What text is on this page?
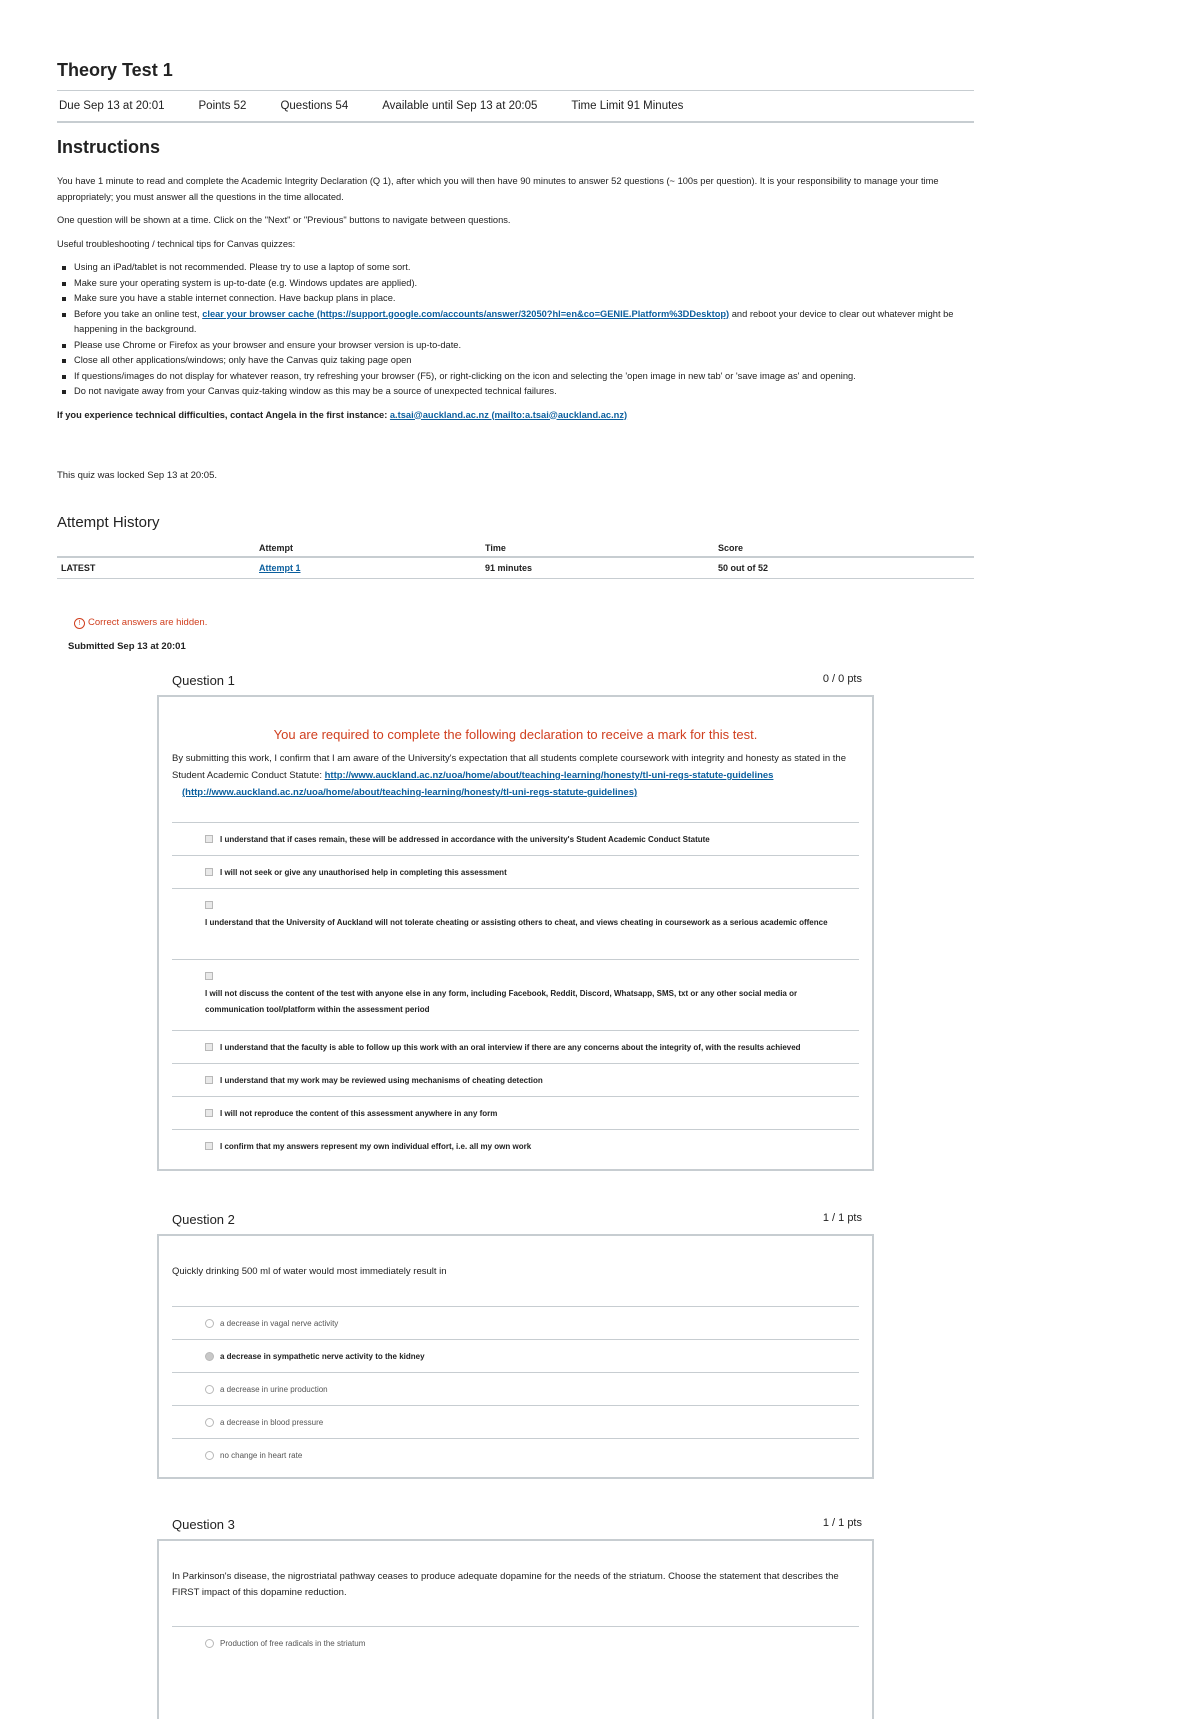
Theory Test 1
Due Sep 13 at 20:01	Points 52	Questions 54	Available until Sep 13 at 20:05	Time Limit 91 Minutes
Instructions

You have 1 minute to read and complete the Academic Integrity Declaration (Q 1), after which you will then have 90 minutes to answer 52 questions (~ 100s per question). It is your responsibility to manage your time appropriately; you must answer all the questions in the time allocated.

One question will be shown at a time. Click on the "Next" or "Previous" buttons to navigate between questions.

Useful troubleshooting / technical tips for Canvas quizzes:

Using an iPad/tablet is not recommended. Please try to use a laptop of some sort.
Make sure your operating system is up-to-date (e.g. Windows updates are applied).
Make sure you have a stable internet connection. Have backup plans in place.
Before you take an online test, clear your browser cache (https://support.google.com/accounts/answer/32050?hl=en&co=GENIE.Platform%3DDesktop) and reboot your device to clear out whatever might be happening in the background.
Please use Chrome or Firefox as your browser and ensure your browser version is up-to-date.
Close all other applications/windows; only have the Canvas quiz taking page open
If questions/images do not display for whatever reason, try refreshing your browser (F5), or right-clicking on the icon and selecting the 'open image in new tab' or 'save image as' and opening.
Do not navigate away from your Canvas quiz-taking window as this may be a source of unexpected technical failures.

If you experience technical difficulties, contact Angela in the first instance: a.tsai@auckland.ac.nz (mailto:a.tsai@auckland.ac.nz)

This quiz was locked Sep 13 at 20:05.
Attempt History
	Attempt	Time	Score
LATEST	Attempt 1	91 minutes	50 out of 52
! Correct answers are hidden.
Submitted Sep 13 at 20:01
Question 1	0 / 0 pts
You are required to complete the following declaration to receive a mark for this test.
By submitting this work, I confirm that I am aware of the University's expectation that all students complete coursework with integrity and honesty as stated in the Student Academic Conduct Statute: http://www.auckland.ac.nz/uoa/home/about/teaching-learning/honesty/tl-uni-regs-statute-guidelines (http://www.auckland.ac.nz/uoa/home/about/teaching-learning/honesty/tl-uni-regs-statute-guidelines)
I understand that if cases remain, these will be addressed in accordance with the university's Student Academic Conduct Statute
I will not seek or give any unauthorised help in completing this assessment
I understand that the University of Auckland will not tolerate cheating or assisting others to cheat, and views cheating in coursework as a serious academic offence
I will not discuss the content of the test with anyone else in any form, including Facebook, Reddit, Discord, Whatsapp, SMS, txt or any other social media or communication tool/platform within the assessment period
I understand that the faculty is able to follow up this work with an oral interview if there are any concerns about the integrity of, with the results achieved
I understand that my work may be reviewed using mechanisms of cheating detection
I will not reproduce the content of this assessment anywhere in any form
I confirm that my answers represent my own individual effort, i.e. all my own work
Question 2	1 / 1 pts
Quickly drinking 500 ml of water would most immediately result in
a decrease in vagal nerve activity
a decrease in sympathetic nerve activity to the kidney
a decrease in urine production
a decrease in blood pressure
no change in heart rate
Question 3	1 / 1 pts
In Parkinson's disease, the nigrostriatal pathway ceases to produce adequate dopamine for the needs of the striatum. Choose the statement that describes the FIRST impact of this dopamine reduction.
Production of free radicals in the striatum
